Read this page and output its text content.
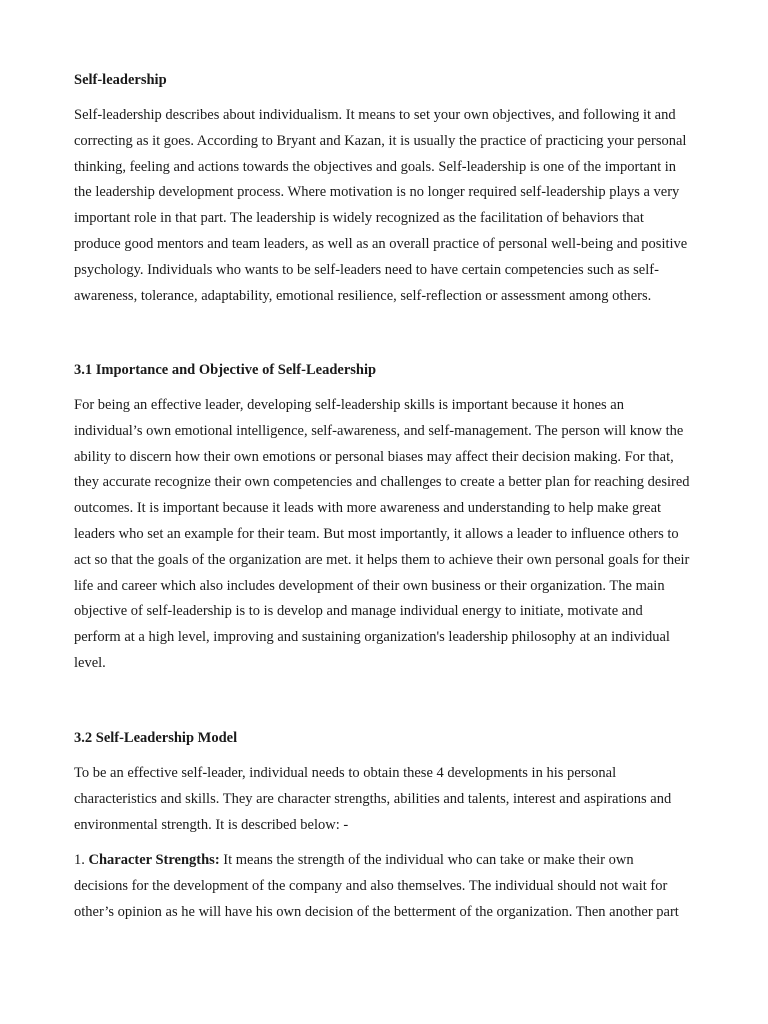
Self-leadership
Self-leadership describes about individualism. It means to set your own objectives, and following it and
correcting as it goes. According to Bryant and Kazan, it is usually the practice of practicing your personal
thinking, feeling and actions towards the objectives and goals. Self-leadership is one of the important in
the leadership development process. Where motivation is no longer required self-leadership plays a very
important role in that part. The leadership is widely recognized as the facilitation of behaviors that
produce good mentors and team leaders, as well as an overall practice of personal well-being and positive
psychology. Individuals who wants to be self-leaders need to have certain competencies such as self-
awareness, tolerance, adaptability, emotional resilience, self-reflection or assessment among others.
3.1 Importance and Objective of Self-Leadership
For being an effective leader, developing self-leadership skills is important because it hones an
individual’s own emotional intelligence, self-awareness, and self-management. The person will know the
ability to discern how their own emotions or personal biases may affect their decision making. For that,
they accurate recognize their own competencies and challenges to create a better plan for reaching desired
outcomes. It is important because it leads with more awareness and understanding to help make great
leaders who set an example for their team. But most importantly, it allows a leader to influence others to
act so that the goals of the organization are met. it helps them to achieve their own personal goals for their
life and career which also includes development of their own business or their organization. The main
objective of self-leadership is to is develop and manage individual energy to initiate, motivate and
perform at a high level, improving and sustaining organization's leadership philosophy at an individual
level.
3.2 Self-Leadership Model
To be an effective self-leader, individual needs to obtain these 4 developments in his personal
characteristics and skills. They are character strengths, abilities and talents, interest and aspirations and
environmental strength. It is described below: -
1. Character Strengths: It means the strength of the individual who can take or make their own
decisions for the development of the company and also themselves. The individual should not wait for
other’s opinion as he will have his own decision of the betterment of the organization. Then another part
